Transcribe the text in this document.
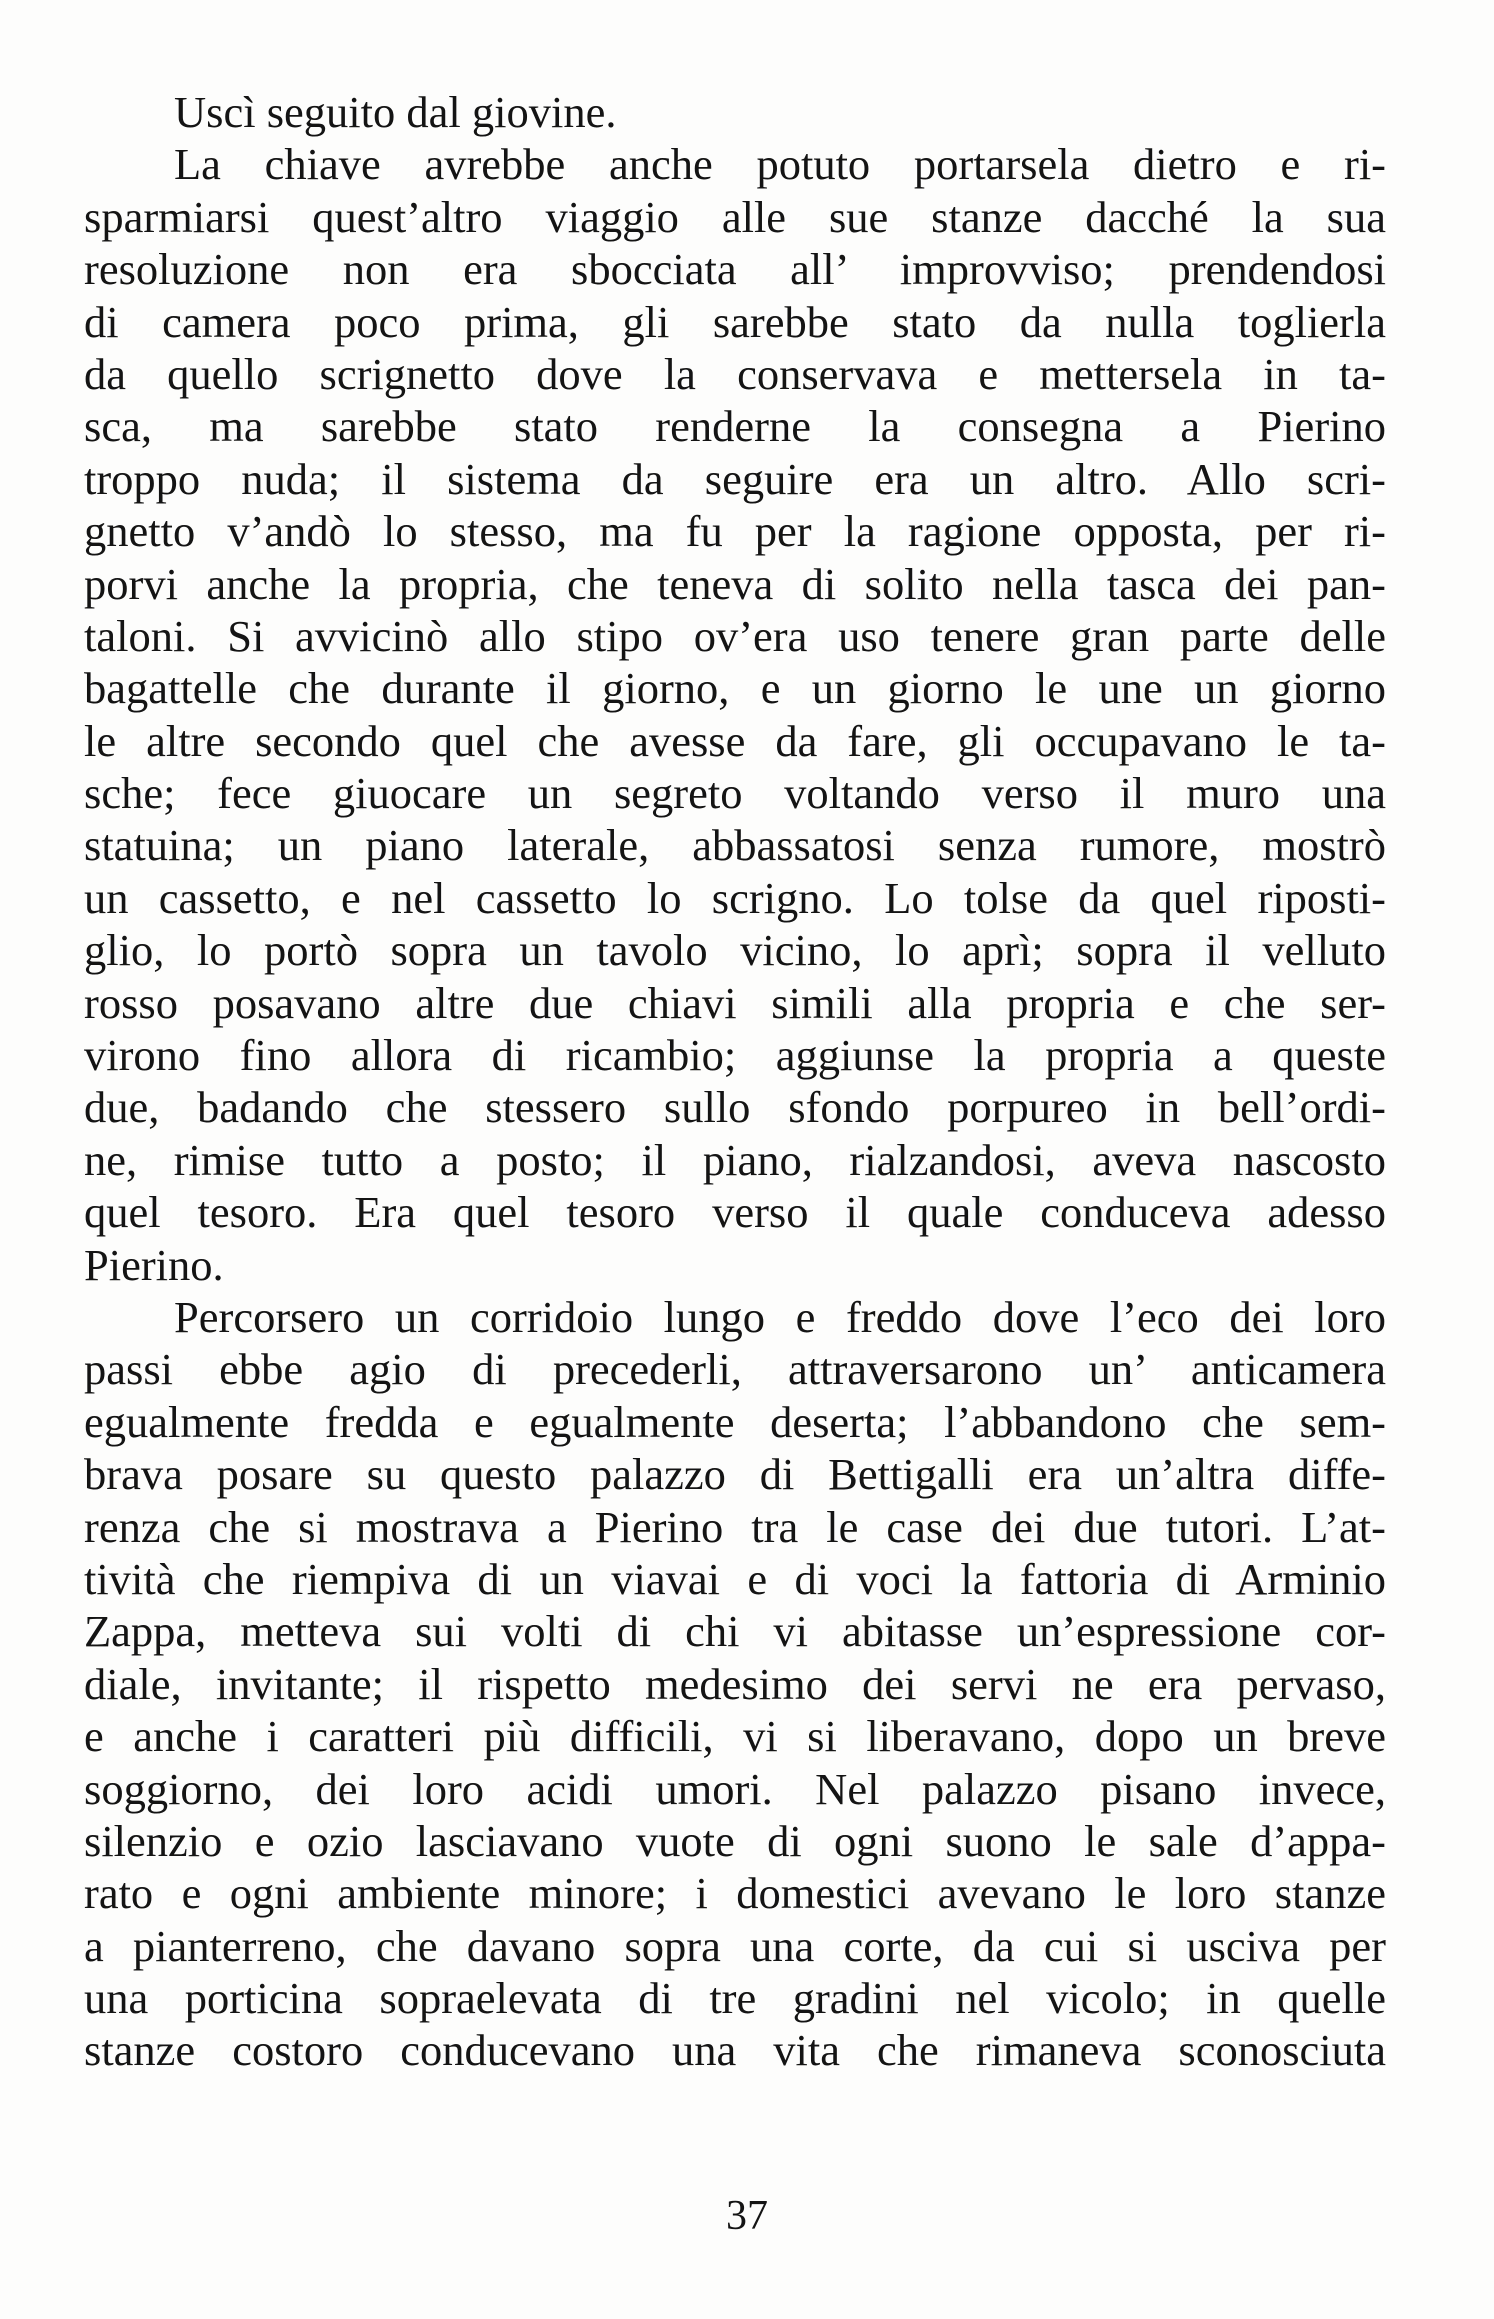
Uscì seguito dal giovine.
La chiave avrebbe anche potuto portarsela dietro e ri-
sparmiarsi quest’altro viaggio alle sue stanze dacché la sua
resoluzione non era sbocciata all’ improvviso; prendendosi
di camera poco prima, gli sarebbe stato da nulla toglierla
da quello scrignetto dove la conservava e mettersela in ta-
sca, ma sarebbe stato renderne la consegna a Pierino
troppo nuda; il sistema da seguire era un altro. Allo scri-
gnetto v’andò lo stesso, ma fu per la ragione opposta, per ri-
porvi anche la propria, che teneva di solito nella tasca dei pan-
taloni. Si avvicinò allo stipo ov’era uso tenere gran parte delle
bagattelle che durante il giorno, e un giorno le une un giorno
le altre secondo quel che avesse da fare, gli occupavano le ta-
sche; fece giuocare un segreto voltando verso il muro una
statuina; un piano laterale, abbassatosi senza rumore, mostrò
un cassetto, e nel cassetto lo scrigno. Lo tolse da quel riposti-
glio, lo portò sopra un tavolo vicino, lo aprì; sopra il velluto
rosso posavano altre due chiavi simili alla propria e che ser-
virono fino allora di ricambio; aggiunse la propria a queste
due, badando che stessero sullo sfondo porpureo in bell’ordi-
ne, rimise tutto a posto; il piano, rialzandosi, aveva nascosto
quel tesoro. Era quel tesoro verso il quale conduceva adesso
Pierino.
Percorsero un corridoio lungo e freddo dove l’eco dei loro
passi ebbe agio di precederli, attraversarono un’ anticamera
egualmente fredda e egualmente deserta; l’abbandono che sem-
brava posare su questo palazzo di Bettigalli era un’altra diffe-
renza che si mostrava a Pierino tra le case dei due tutori. L’at-
tività che riempiva di un viavai e di voci la fattoria di Arminio
Zappa, metteva sui volti di chi vi abitasse un’espressione cor-
diale, invitante; il rispetto medesimo dei servi ne era pervaso,
e anche i caratteri più difficili, vi si liberavano, dopo un breve
soggiorno, dei loro acidi umori. Nel palazzo pisano invece,
silenzio e ozio lasciavano vuote di ogni suono le sale d’appa-
rato e ogni ambiente minore; i domestici avevano le loro stanze
a pianterreno, che davano sopra una corte, da cui si usciva per
una porticina sopraelevata di tre gradini nel vicolo; in quelle
stanze costoro conducevano una vita che rimaneva sconosciuta
37
